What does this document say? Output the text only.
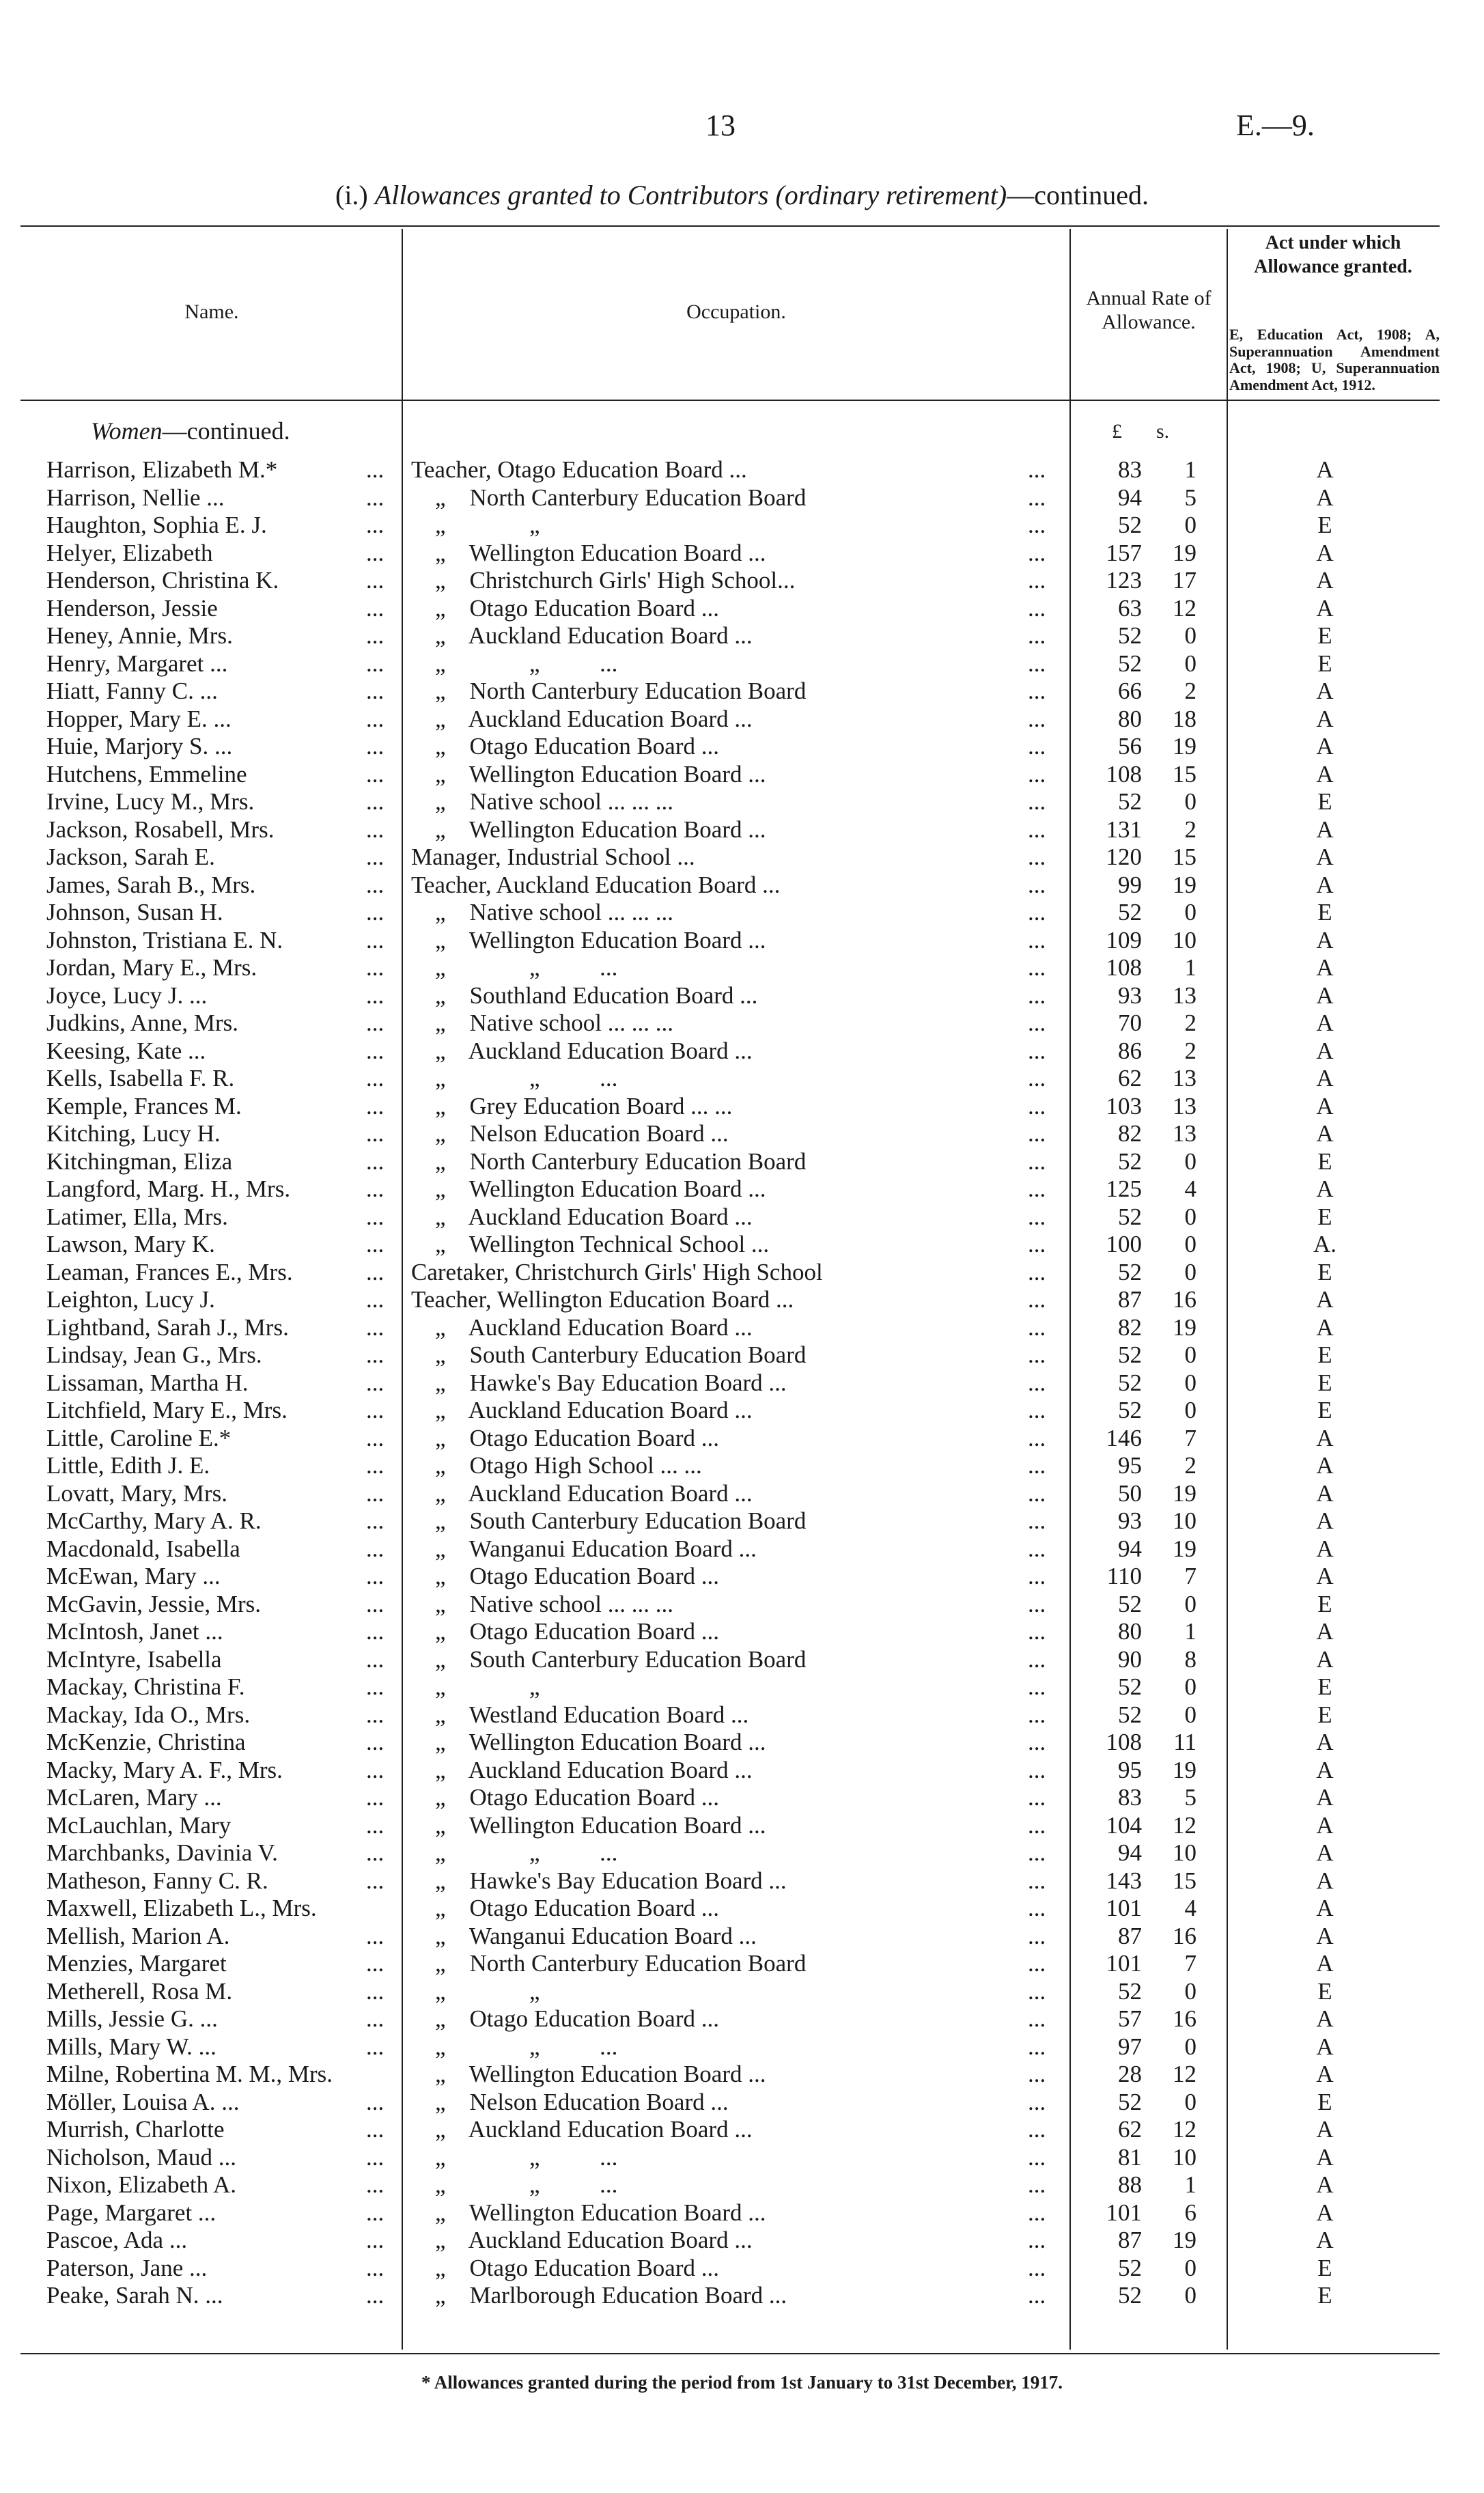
13	E.—9.
(i.) Allowances granted to Contributors (ordinary retirement)—continued.
Name.	Occupation.
Annual Rate of
Allowance.
Act under which
Allowance granted.
E, Education Act, 1908; A, Superannuation Amendment Act, 1908; U, Superannuation Amendment Act, 1912.
Women—continued.	£ s.
Harrison, Elizabeth M.*	... Teacher, Otago Education Board ...	...	83	1	A
Harrison, Nellie ...	... „    North Canterbury Education Board	...	94	5	A
Haughton, Sophia E. J.	... „              „	...	52	0	E
Helyer, Elizabeth	... „    Wellington Education Board ...	...	157	19	A
Henderson, Christina K.	... „    Christchurch Girls' High School...	...	123	17	A
Henderson, Jessie	... „    Otago Education Board ...	...	63	12	A
Heney, Annie, Mrs.	... „    Auckland Education Board ...	...	52	0	E
Henry, Margaret ...	... „              „          ...	...	52	0	E
Hiatt, Fanny C. ...	... „    North Canterbury Education Board	...	66	2	A
Hopper, Mary E. ...	... „    Auckland Education Board ...	...	80	18	A
Huie, Marjory S. ...	... „    Otago Education Board ...	...	56	19	A
Hutchens, Emmeline	... „    Wellington Education Board ...	...	108	15	A
Irvine, Lucy M., Mrs.	... „    Native school ... ... ...	...	52	0	E
Jackson, Rosabell, Mrs.	... „    Wellington Education Board ...	...	131	2	A
Jackson, Sarah E.	... Manager, Industrial School ...	...	120	15	A
James, Sarah B., Mrs.	... Teacher, Auckland Education Board ...	...	99	19	A
Johnson, Susan H.	... „    Native school ... ... ...	...	52	0	E
Johnston, Tristiana E. N.	... „    Wellington Education Board ...	...	109	10	A
Jordan, Mary E., Mrs.	... „              „          ...	...	108	1	A
Joyce, Lucy J. ...	... „    Southland Education Board ...	...	93	13	A
Judkins, Anne, Mrs.	... „    Native school ... ... ...	...	70	2	A
Keesing, Kate ...	... „    Auckland Education Board ...	...	86	2	A
Kells, Isabella F. R.	... „              „          ...	...	62	13	A
Kemple, Frances M.	... „    Grey Education Board ... ...	...	103	13	A
Kitching, Lucy H.	... „    Nelson Education Board ...	...	82	13	A
Kitchingman, Eliza	... „    North Canterbury Education Board	...	52	0	E
Langford, Marg. H., Mrs.	... „    Wellington Education Board ...	...	125	4	A
Latimer, Ella, Mrs.	... „    Auckland Education Board ...	...	52	0	E
Lawson, Mary K.	... „    Wellington Technical School ...	...	100	0	A.
Leaman, Frances E., Mrs.	... Caretaker, Christchurch Girls' High School	...	52	0	E
Leighton, Lucy J.	... Teacher, Wellington Education Board ...	...	87	16	A
Lightband, Sarah J., Mrs.	... „    Auckland Education Board ...	...	82	19	A
Lindsay, Jean G., Mrs.	... „    South Canterbury Education Board	...	52	0	E
Lissaman, Martha H.	... „    Hawke's Bay Education Board ...	...	52	0	E
Litchfield, Mary E., Mrs.	... „    Auckland Education Board ...	...	52	0	E
Little, Caroline E.*	... „    Otago Education Board ...	...	146	7	A
Little, Edith J. E.	... „    Otago High School ... ...	...	95	2	A
Lovatt, Mary, Mrs.	... „    Auckland Education Board ...	...	50	19	A
McCarthy, Mary A. R.	... „    South Canterbury Education Board	...	93	10	A
Macdonald, Isabella	... „    Wanganui Education Board ...	...	94	19	A
McEwan, Mary ...	... „    Otago Education Board ...	...	110	7	A
McGavin, Jessie, Mrs.	... „    Native school ... ... ...	...	52	0	E
McIntosh, Janet ...	... „    Otago Education Board ...	...	80	1	A
McIntyre, Isabella	... „    South Canterbury Education Board	...	90	8	A
Mackay, Christina F.	... „              „	...	52	0	E
Mackay, Ida O., Mrs.	... „    Westland Education Board ...	...	52	0	E
McKenzie, Christina	... „    Wellington Education Board ...	...	108	11	A
Macky, Mary A. F., Mrs.	... „    Auckland Education Board ...	...	95	19	A
McLaren, Mary ...	... „    Otago Education Board ...	...	83	5	A
McLauchlan, Mary	... „    Wellington Education Board ...	...	104	12	A
Marchbanks, Davinia V.	... „              „          ...	...	94	10	A
Matheson, Fanny C. R.	... „    Hawke's Bay Education Board ...	...	143	15	A
Maxwell, Elizabeth L., Mrs.	„    Otago Education Board ...	...	101	4	A
Mellish, Marion A.	... „    Wanganui Education Board ...	...	87	16	A
Menzies, Margaret	... „    North Canterbury Education Board	...	101	7	A
Metherell, Rosa M.	... „              „	...	52	0	E
Mills, Jessie G. ...	... „    Otago Education Board ...	...	57	16	A
Mills, Mary W. ...	... „              „          ...	...	97	0	A
Milne, Robertina M. M., Mrs.	„    Wellington Education Board ...	...	28	12	A
Möller, Louisa A. ...	... „    Nelson Education Board ...	...	52	0	E
Murrish, Charlotte	... „    Auckland Education Board ...	...	62	12	A
Nicholson, Maud ...	... „              „          ...	...	81	10	A
Nixon, Elizabeth A.	... „              „          ...	...	88	1	A
Page, Margaret ...	... „    Wellington Education Board ...	...	101	6	A
Pascoe, Ada ...	... „    Auckland Education Board ...	...	87	19	A
Paterson, Jane ...	... „    Otago Education Board ...	...	52	0	E
Peake, Sarah N. ...	... „    Marlborough Education Board ...	...	52	0	E
* Allowances granted during the period from 1st January to 31st December, 1917.
